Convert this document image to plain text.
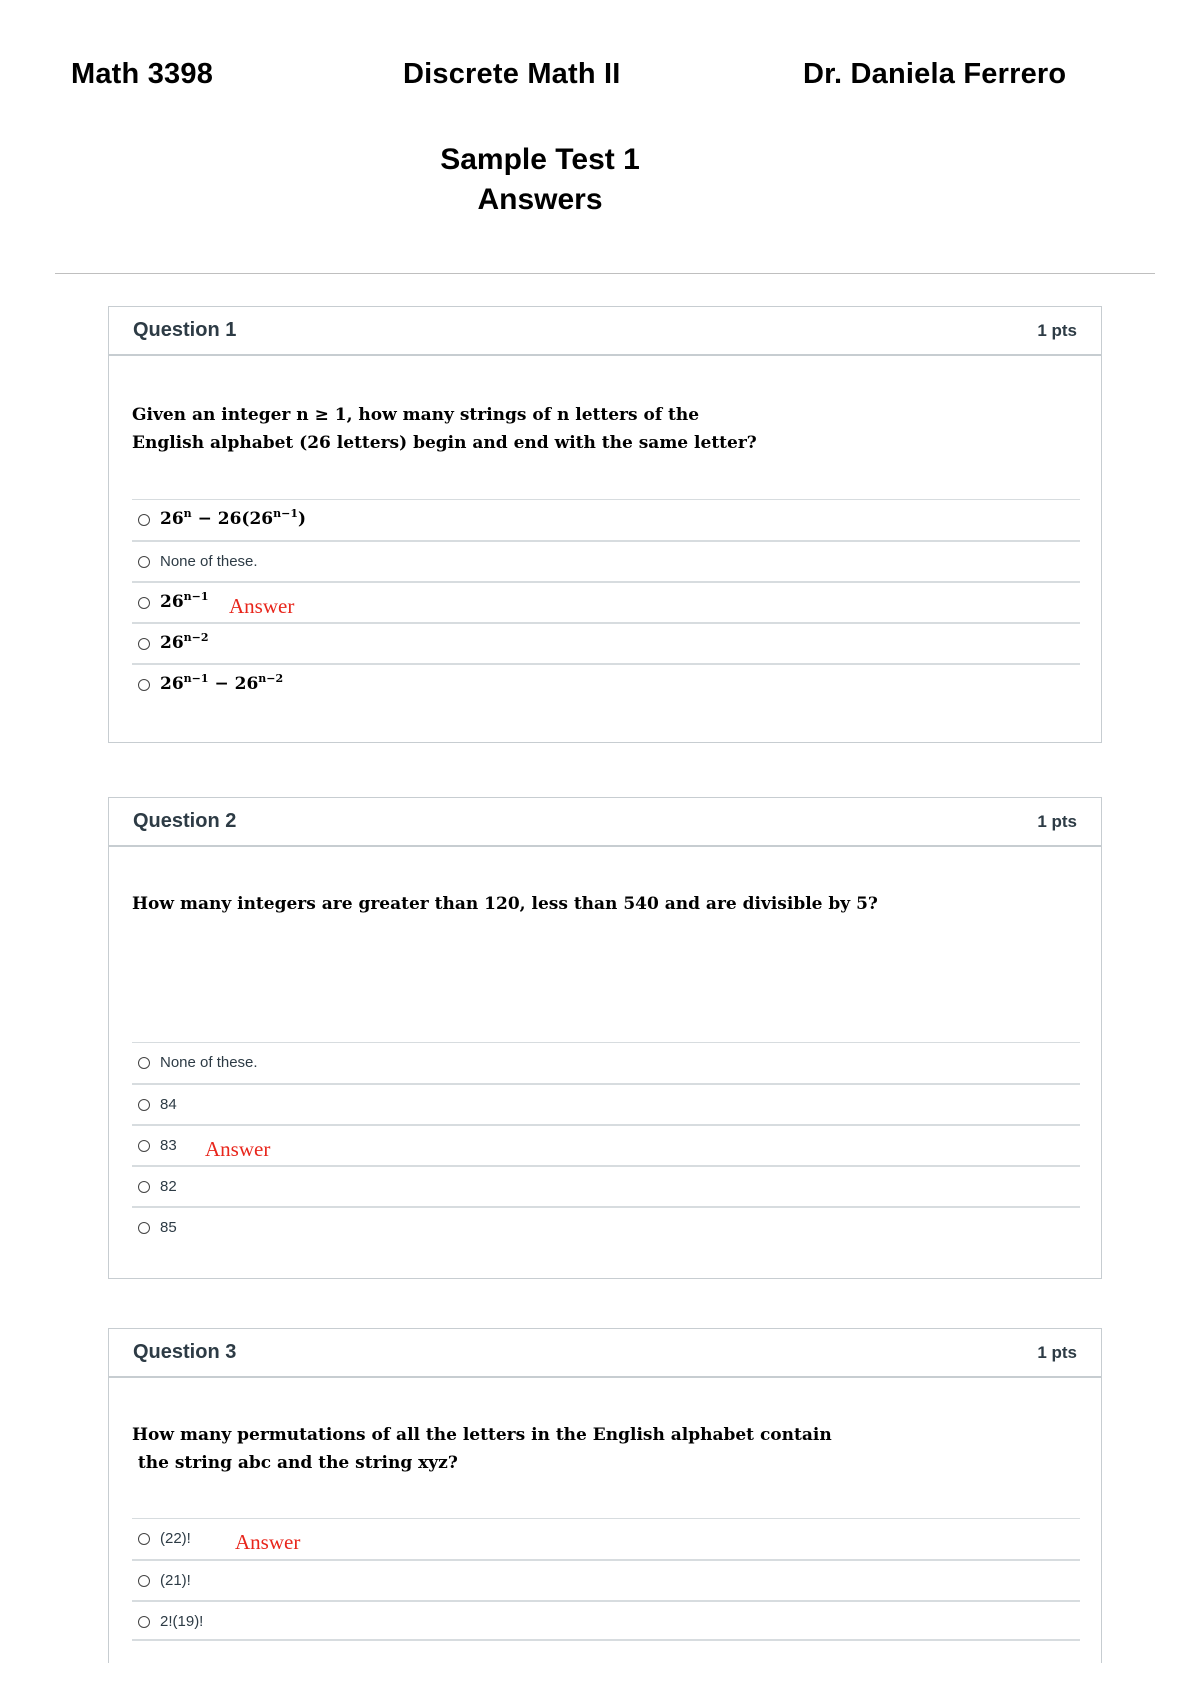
Math 3398	Discrete Math II	Dr. Daniela Ferrero
Sample Test 1
Answers
Question 1	1 pts
Given an integer n ≥ 1, how many strings of n letters of the
English alphabet (26 letters) begin and end with the same letter?
$26^n - 26(26^{n-1})$
None of these.
$26^{n-1}$ Answer
$26^{n-2}$
$26^{n-1} - 26^{n-2}$
Question 2	1 pts
How many integers are greater than 120, less than 540 and are divisible by 5?
None of these.
84
83 Answer
82
85
Question 3	1 pts
How many permutations of all the letters in the English alphabet contain
the string abc and the string xyz?
(22)! Answer
(21)!
2!(19)!
